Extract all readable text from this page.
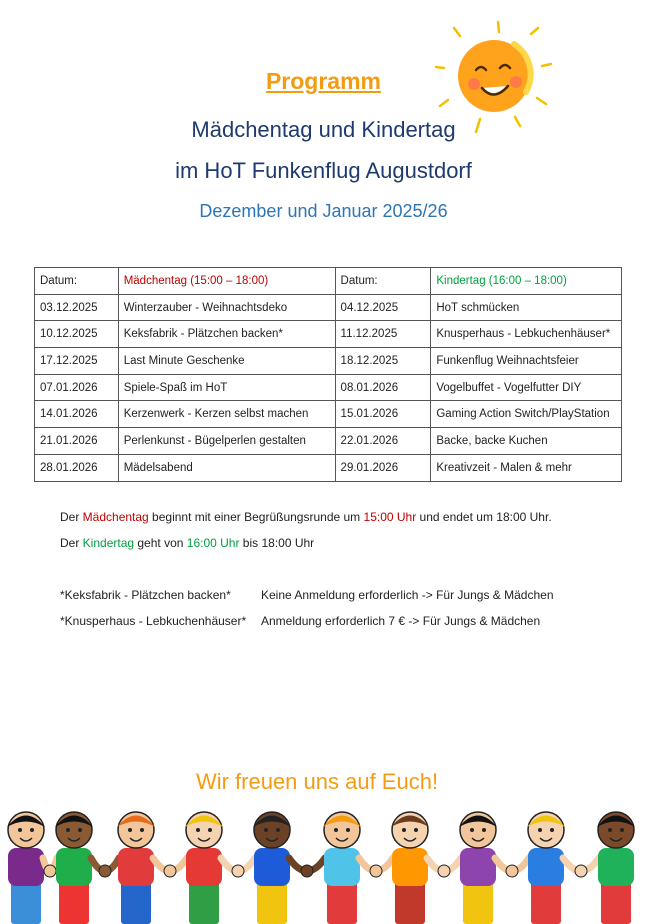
Programm
Mädchentag und Kindertag
im HoT Funkenflug Augustdorf
Dezember und Januar 2025/26
Datum:	Mädchentag (15:00 – 18:00)	Datum:	Kindertag (16:00 – 18:00)
03.12.2025	Winterzauber - Weihnachtsdeko	04.12.2025	HoT schmücken
10.12.2025	Keksfabrik - Plätzchen backen*	11.12.2025	Knusperhaus - Lebkuchenhäuser*
17.12.2025	Last Minute Geschenke	18.12.2025	Funkenflug Weihnachtsfeier
07.01.2026	Spiele-Spaß im HoT	08.01.2026	Vogelbuffet - Vogelfutter DIY
14.01.2026	Kerzenwerk - Kerzen selbst machen	15.01.2026	Gaming Action Switch/PlayStation
21.01.2026	Perlenkunst - Bügelperlen gestalten	22.01.2026	Backe, backe Kuchen
28.01.2026	Mädelsabend	29.01.2026	Kreativzeit - Malen & mehr
Der Mädchentag beginnt mit einer Begrüßungsrunde um 15:00 Uhr und endet um 18:00 Uhr.
Der Kindertag geht von 16:00 Uhr bis 18:00 Uhr
*Keksfabrik - Plätzchen backen*	Keine Anmeldung erforderlich -> Für Jungs & Mädchen
*Knusperhaus - Lebkuchenhäuser* Anmeldung erforderlich 7 € -> Für Jungs & Mädchen
Wir freuen uns auf Euch!
